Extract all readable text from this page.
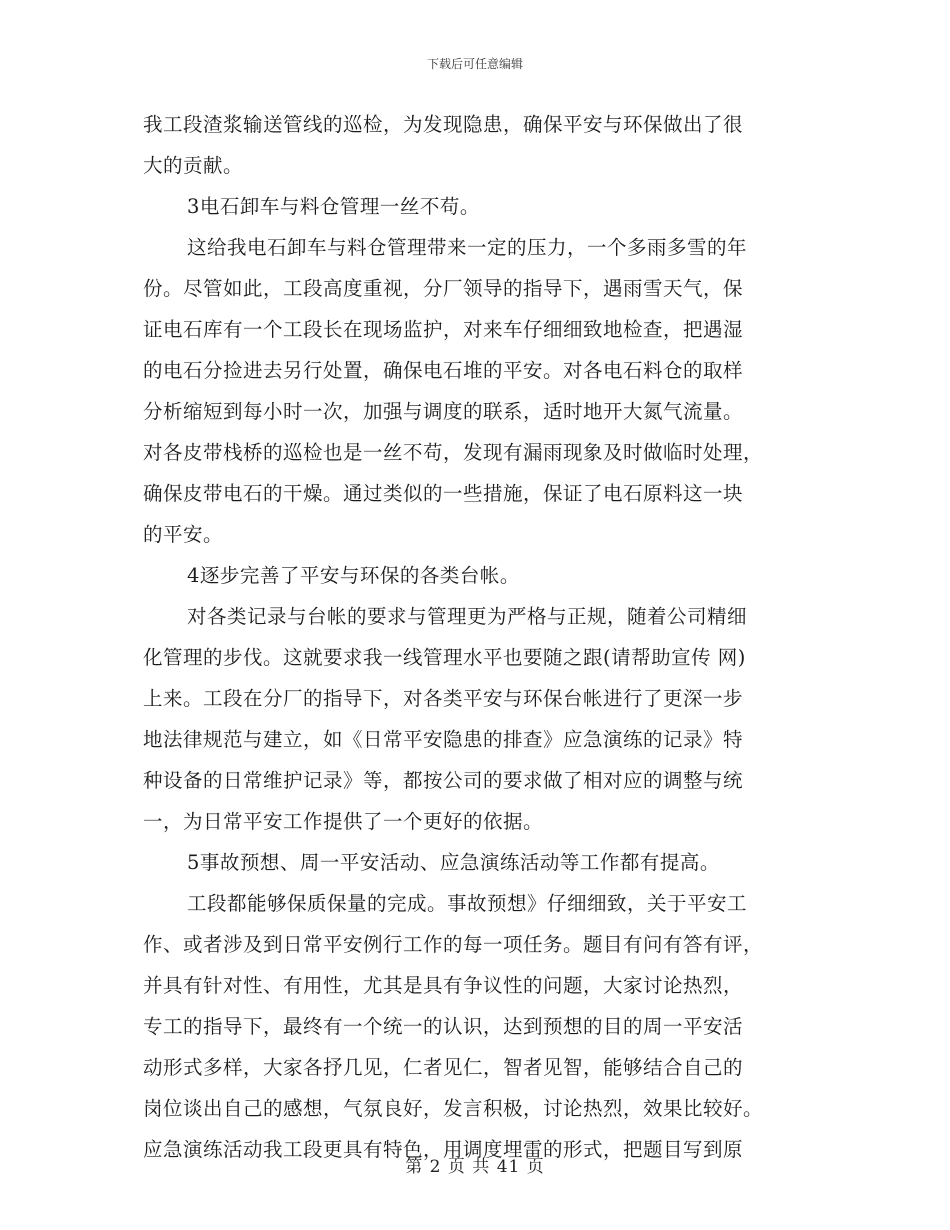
下载后可任意编辑
我工段渣浆输送管线的巡检，为发现隐患，确保平安与环保做出了很
大的贡献。
3电石卸车与料仓管理一丝不苟。
这给我电石卸车与料仓管理带来一定的压力，一个多雨多雪的年
份。尽管如此，工段高度重视，分厂领导的指导下，遇雨雪天气，保
证电石库有一个工段长在现场监护，对来车仔细细致地检查，把遇湿
的电石分捡进去另行处置，确保电石堆的平安。对各电石料仓的取样
分析缩短到每小时一次，加强与调度的联系，适时地开大氮气流量。
对各皮带栈桥的巡检也是一丝不苟，发现有漏雨现象及时做临时处理，
确保皮带电石的干燥。通过类似的一些措施，保证了电石原料这一块
的平安。
4逐步完善了平安与环保的各类台帐。
对各类记录与台帐的要求与管理更为严格与正规，随着公司精细
化管理的步伐。这就要求我一线管理水平也要随之跟(请帮助宣传 网)
上来。工段在分厂的指导下，对各类平安与环保台帐进行了更深一步
地法律规范与建立，如《日常平安隐患的排查》应急演练的记录》特
种设备的日常维护记录》等，都按公司的要求做了相对应的调整与统
一，为日常平安工作提供了一个更好的依据。
5事故预想、周一平安活动、应急演练活动等工作都有提高。
工段都能够保质保量的完成。事故预想》仔细细致，关于平安工
作、或者涉及到日常平安例行工作的每一项任务。题目有问有答有评，
并具有针对性、有用性，尤其是具有争议性的问题，大家讨论热烈，
专工的指导下，最终有一个统一的认识，达到预想的目的周一平安活
动形式多样，大家各抒几见，仁者见仁，智者见智，能够结合自己的
岗位谈出自己的感想，气氛良好，发言积极，讨论热烈，效果比较好。
应急演练活动我工段更具有特色，用调度埋雷的形式，把题目写到原
第 2 页 共 41 页
